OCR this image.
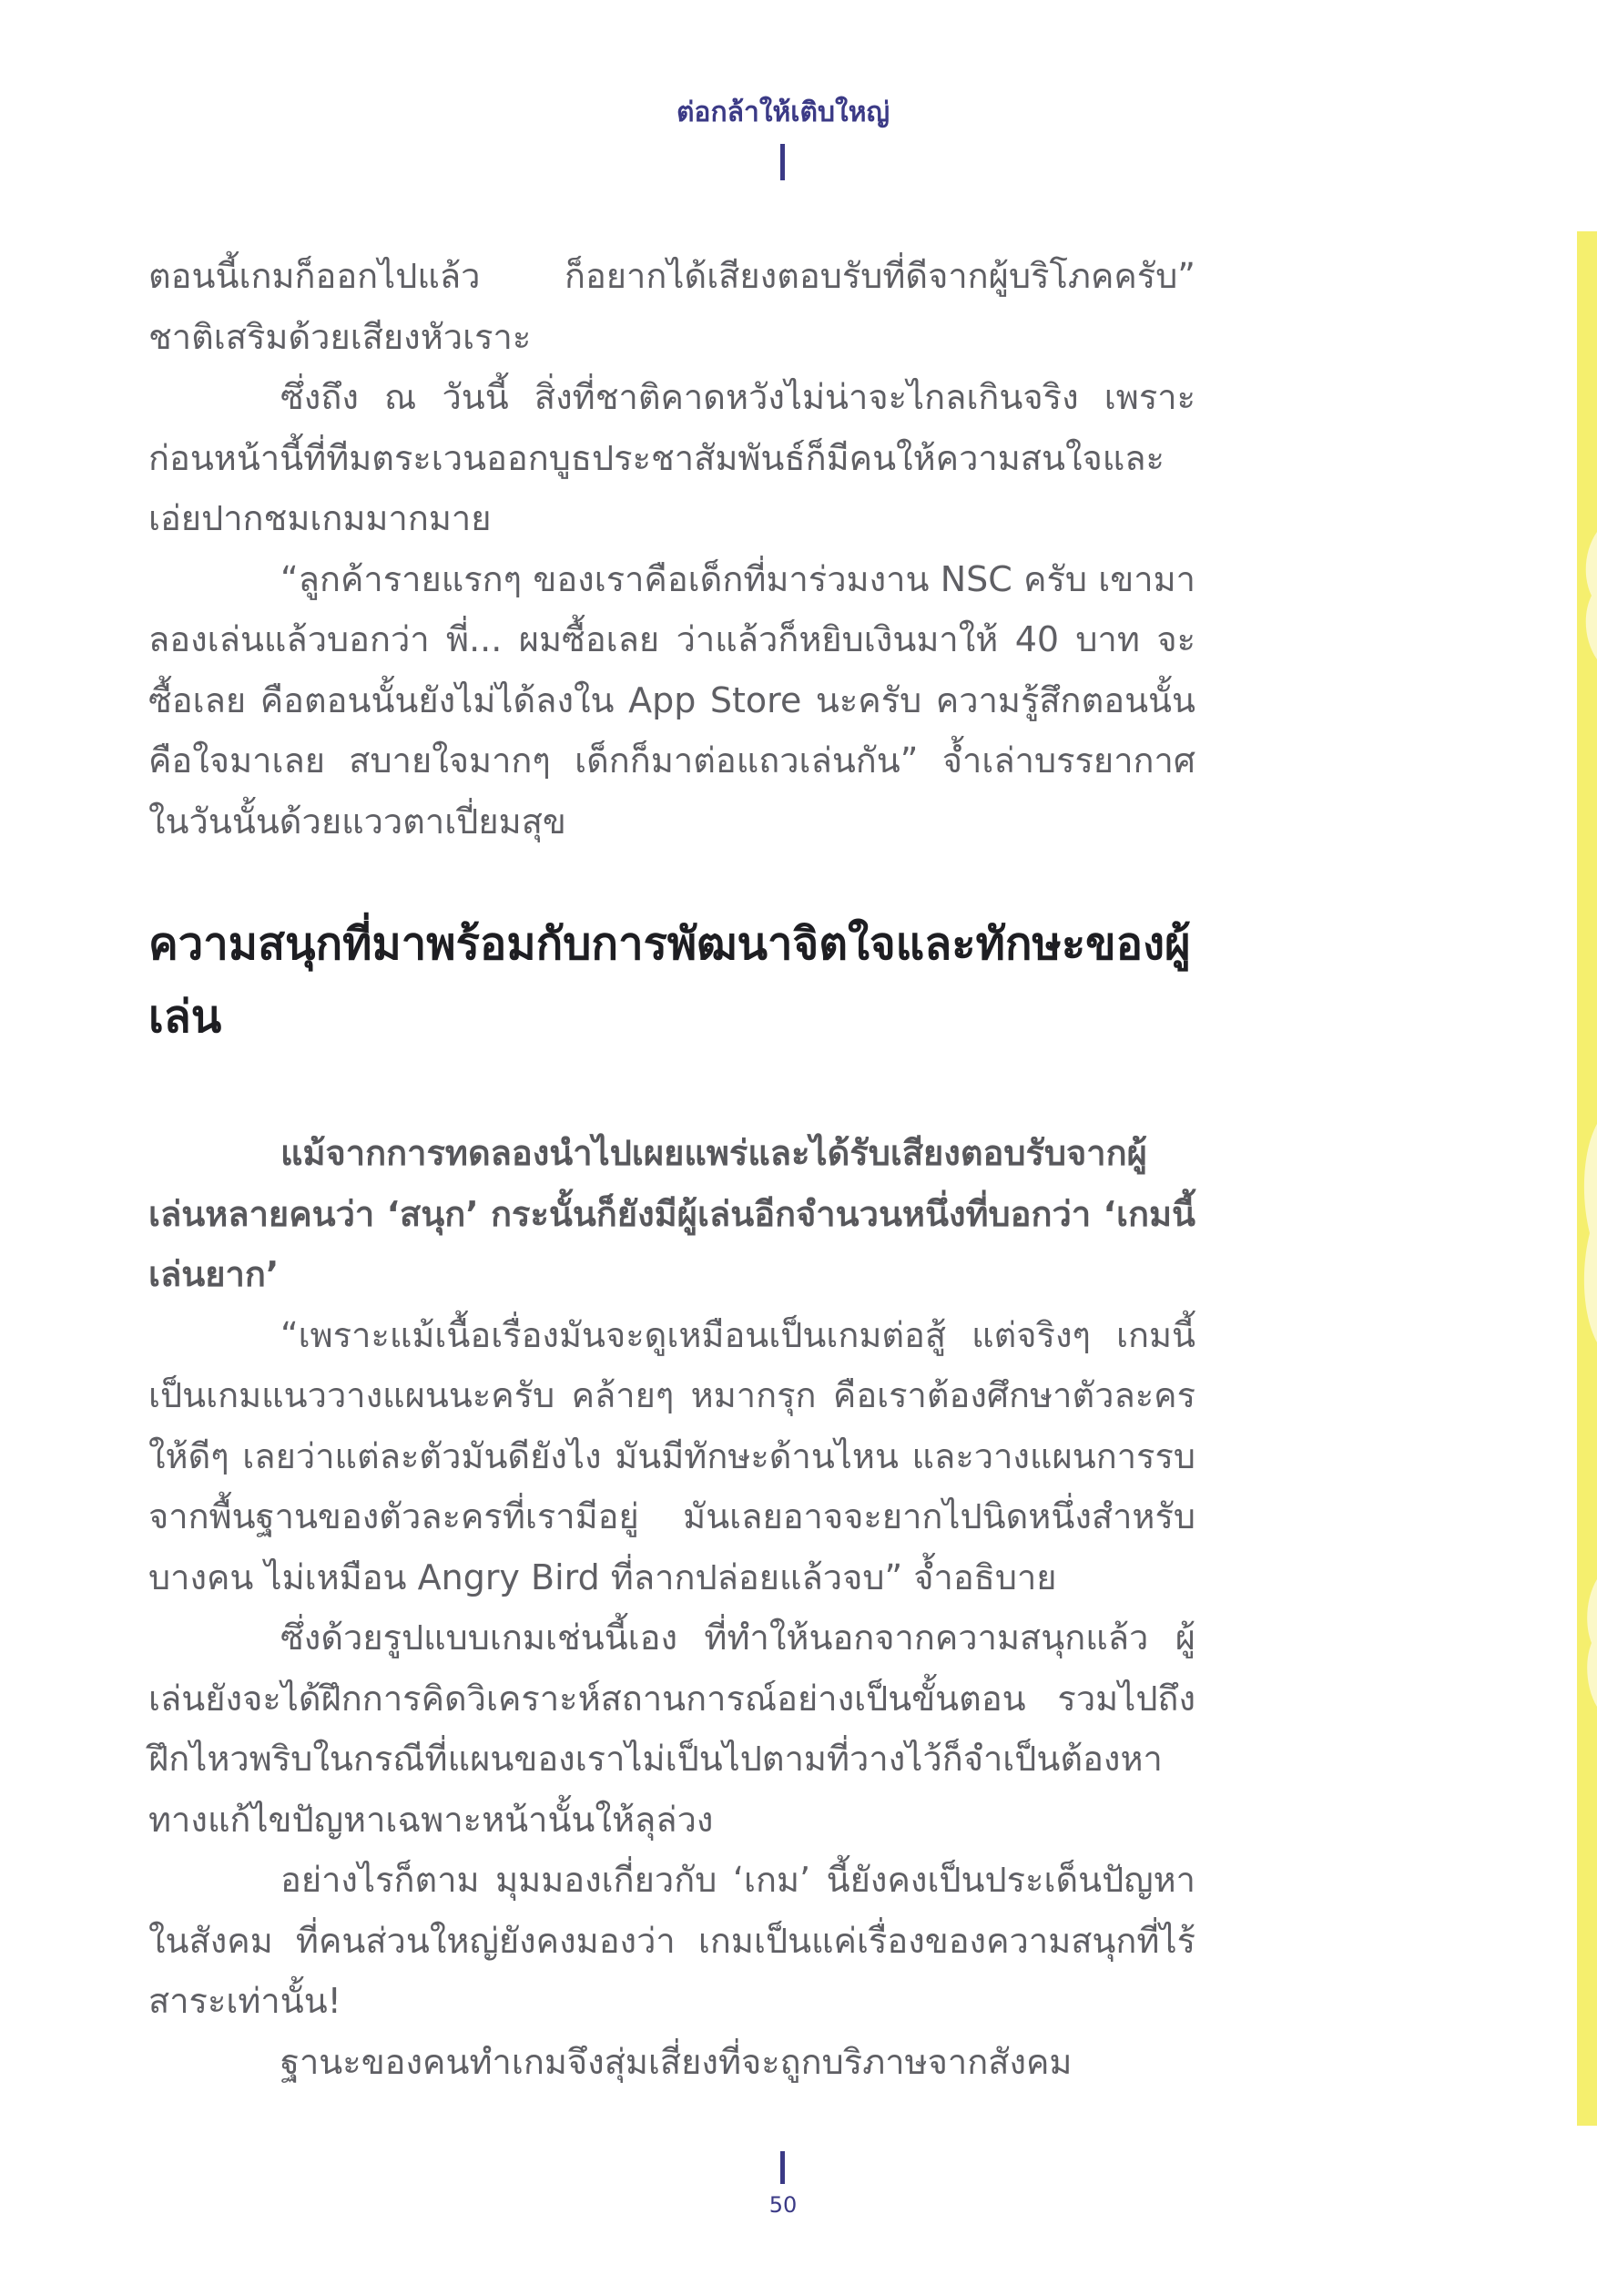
ต่อกล้าให้เติบใหญ่

ตอนนี้เกมก็ออกไปแล้ว ก็อยากได้เสียงตอบรับที่ดีจากผู้บริโภคครับ” ชาติเสริมด้วยเสียงหัวเราะ

ซึ่งถึง ณ วันนี้ สิ่งที่ชาติคาดหวังไม่น่าจะไกลเกินจริง เพราะก่อนหน้านี้ที่ทีมตระเวนออกบูธประชาสัมพันธ์ก็มีคนให้ความสนใจและเอ่ยปากชมเกมมากมาย

“ลูกค้ารายแรกๆ ของเราคือเด็กที่มาร่วมงาน NSC ครับ เขามาลองเล่นแล้วบอกว่า พี่... ผมซื้อเลย ว่าแล้วก็หยิบเงินมาให้ 40 บาท จะซื้อเลย คือตอนนั้นยังไม่ได้ลงใน App Store นะครับ ความรู้สึกตอนนั้นคือใจมาเลย สบายใจมากๆ เด็กก็มาต่อแถวเล่นกัน” จ้ำเล่าบรรยากาศในวันนั้นด้วยแววตาเปี่ยมสุข

ความสนุกที่มาพร้อมกับการพัฒนาจิตใจและทักษะของผู้เล่น

แม้จากการทดลองนำไปเผยแพร่และได้รับเสียงตอบรับจากผู้เล่นหลายคนว่า ‘สนุก’ กระนั้นก็ยังมีผู้เล่นอีกจำนวนหนึ่งที่บอกว่า ‘เกมนี้เล่นยาก’

“เพราะแม้เนื้อเรื่องมันจะดูเหมือนเป็นเกมต่อสู้ แต่จริงๆ เกมนี้เป็นเกมแนววางแผนนะครับ คล้ายๆ หมากรุก คือเราต้องศึกษาตัวละครให้ดีๆ เลยว่าแต่ละตัวมันดียังไง มันมีทักษะด้านไหน และวางแผนการรบจากพื้นฐานของตัวละครที่เรามีอยู่ มันเลยอาจจะยากไปนิดหนึ่งสำหรับบางคน ไม่เหมือน Angry Bird ที่ลากปล่อยแล้วจบ” จ้ำอธิบาย

ซึ่งด้วยรูปแบบเกมเช่นนี้เอง ที่ทำให้นอกจากความสนุกแล้ว ผู้เล่นยังจะได้ฝึกการคิดวิเคราะห์สถานการณ์อย่างเป็นขั้นตอน รวมไปถึงฝึกไหวพริบในกรณีที่แผนของเราไม่เป็นไปตามที่วางไว้ก็จำเป็นต้องหาทางแก้ไขปัญหาเฉพาะหน้านั้นให้ลุล่วง

อย่างไรก็ตาม มุมมองเกี่ยวกับ ‘เกม’ นี้ยังคงเป็นประเด็นปัญหาในสังคม ที่คนส่วนใหญ่ยังคงมองว่า เกมเป็นแค่เรื่องของความสนุกที่ไร้สาระเท่านั้น!

ฐานะของคนทำเกมจึงสุ่มเสี่ยงที่จะถูกบริภาษจากสังคม

50
